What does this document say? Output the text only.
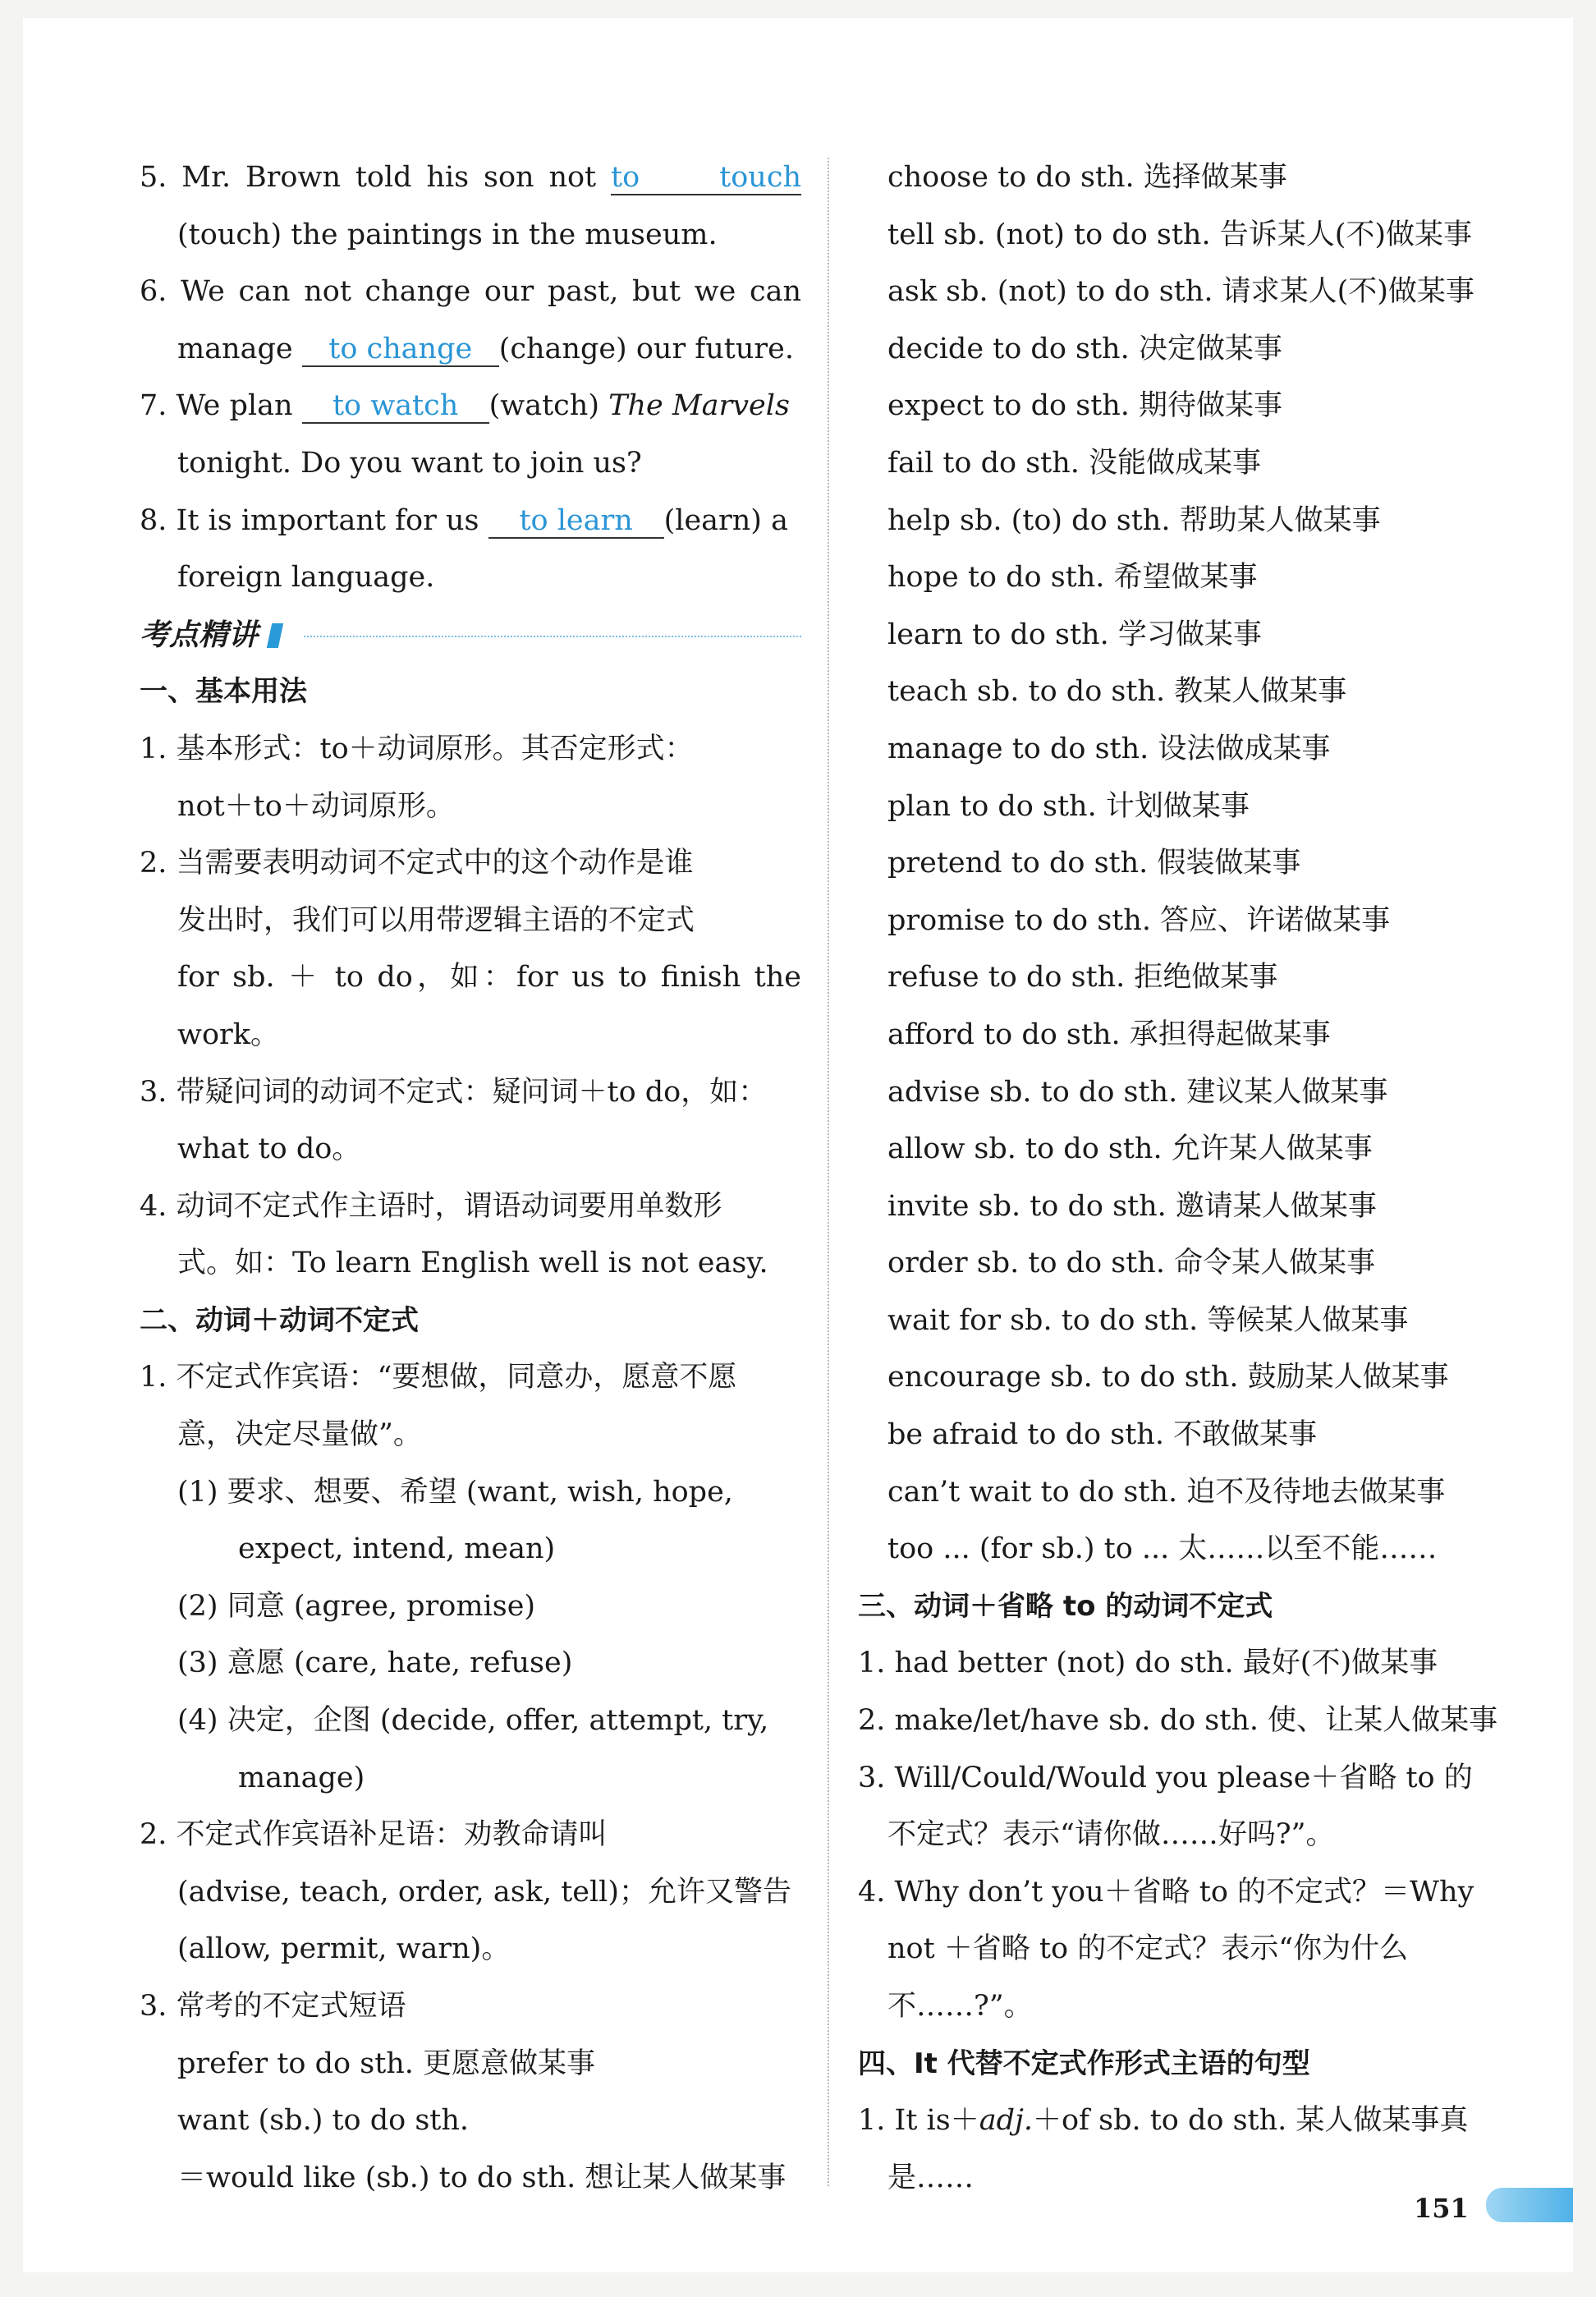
5. Mr. Brown told his son not to touch
(touch) the paintings in the museum.
6. We can not change our past, but we can
manage to change (change) our future.
7. We plan to watch (watch) The Marvels
tonight. Do you want to join us?
8. It is important for us to learn (learn) a
foreign language.
考点精讲
一、基本用法
1. 基本形式：to＋动词原形。其否定形式：
not＋to＋动词原形。
2. 当需要表明动词不定式中的这个动作是谁
发出时，我们可以用带逻辑主语的不定式
for sb. ＋ to do，如：for us to finish the
work。
3. 带疑问词的动词不定式：疑问词＋to do，如：
what to do。
4. 动词不定式作主语时，谓语动词要用单数形
式。如：To learn English well is not easy.
二、动词＋动词不定式
1. 不定式作宾语：“要想做，同意办，愿意不愿
意，决定尽量做”。
(1) 要求、想要、希望 (want, wish, hope,
expect, intend, mean)
(2) 同意 (agree, promise)
(3) 意愿 (care, hate, refuse)
(4) 决定，企图 (decide, offer, attempt, try,
manage)
2. 不定式作宾语补足语：劝教命请叫
(advise, teach, order, ask, tell)；允许又警告
(allow, permit, warn)。
3. 常考的不定式短语
prefer to do sth. 更愿意做某事
want (sb.) to do sth.
＝would like (sb.) to do sth. 想让某人做某事
choose to do sth. 选择做某事
tell sb. (not) to do sth. 告诉某人(不)做某事
ask sb. (not) to do sth. 请求某人(不)做某事
decide to do sth. 决定做某事
expect to do sth. 期待做某事
fail to do sth. 没能做成某事
help sb. (to) do sth. 帮助某人做某事
hope to do sth. 希望做某事
learn to do sth. 学习做某事
teach sb. to do sth. 教某人做某事
manage to do sth. 设法做成某事
plan to do sth. 计划做某事
pretend to do sth. 假装做某事
promise to do sth. 答应、许诺做某事
refuse to do sth. 拒绝做某事
afford to do sth. 承担得起做某事
advise sb. to do sth. 建议某人做某事
allow sb. to do sth. 允许某人做某事
invite sb. to do sth. 邀请某人做某事
order sb. to do sth. 命令某人做某事
wait for sb. to do sth. 等候某人做某事
encourage sb. to do sth. 鼓励某人做某事
be afraid to do sth. 不敢做某事
can’t wait to do sth. 迫不及待地去做某事
too ... (for sb.) to ... 太……以至不能……
三、动词＋省略 to 的动词不定式
1. had better (not) do sth. 最好(不)做某事
2. make/let/have sb. do sth. 使、让某人做某事
3. Will/Could/Would you please＋省略 to 的
不定式？表示“请你做……好吗?”。
4. Why don’t you＋省略 to 的不定式？＝Why
not ＋省略 to 的不定式？表示“你为什么
不……?”。
四、It 代替不定式作形式主语的句型
1. It is＋adj.＋of sb. to do sth. 某人做某事真
是……
151
